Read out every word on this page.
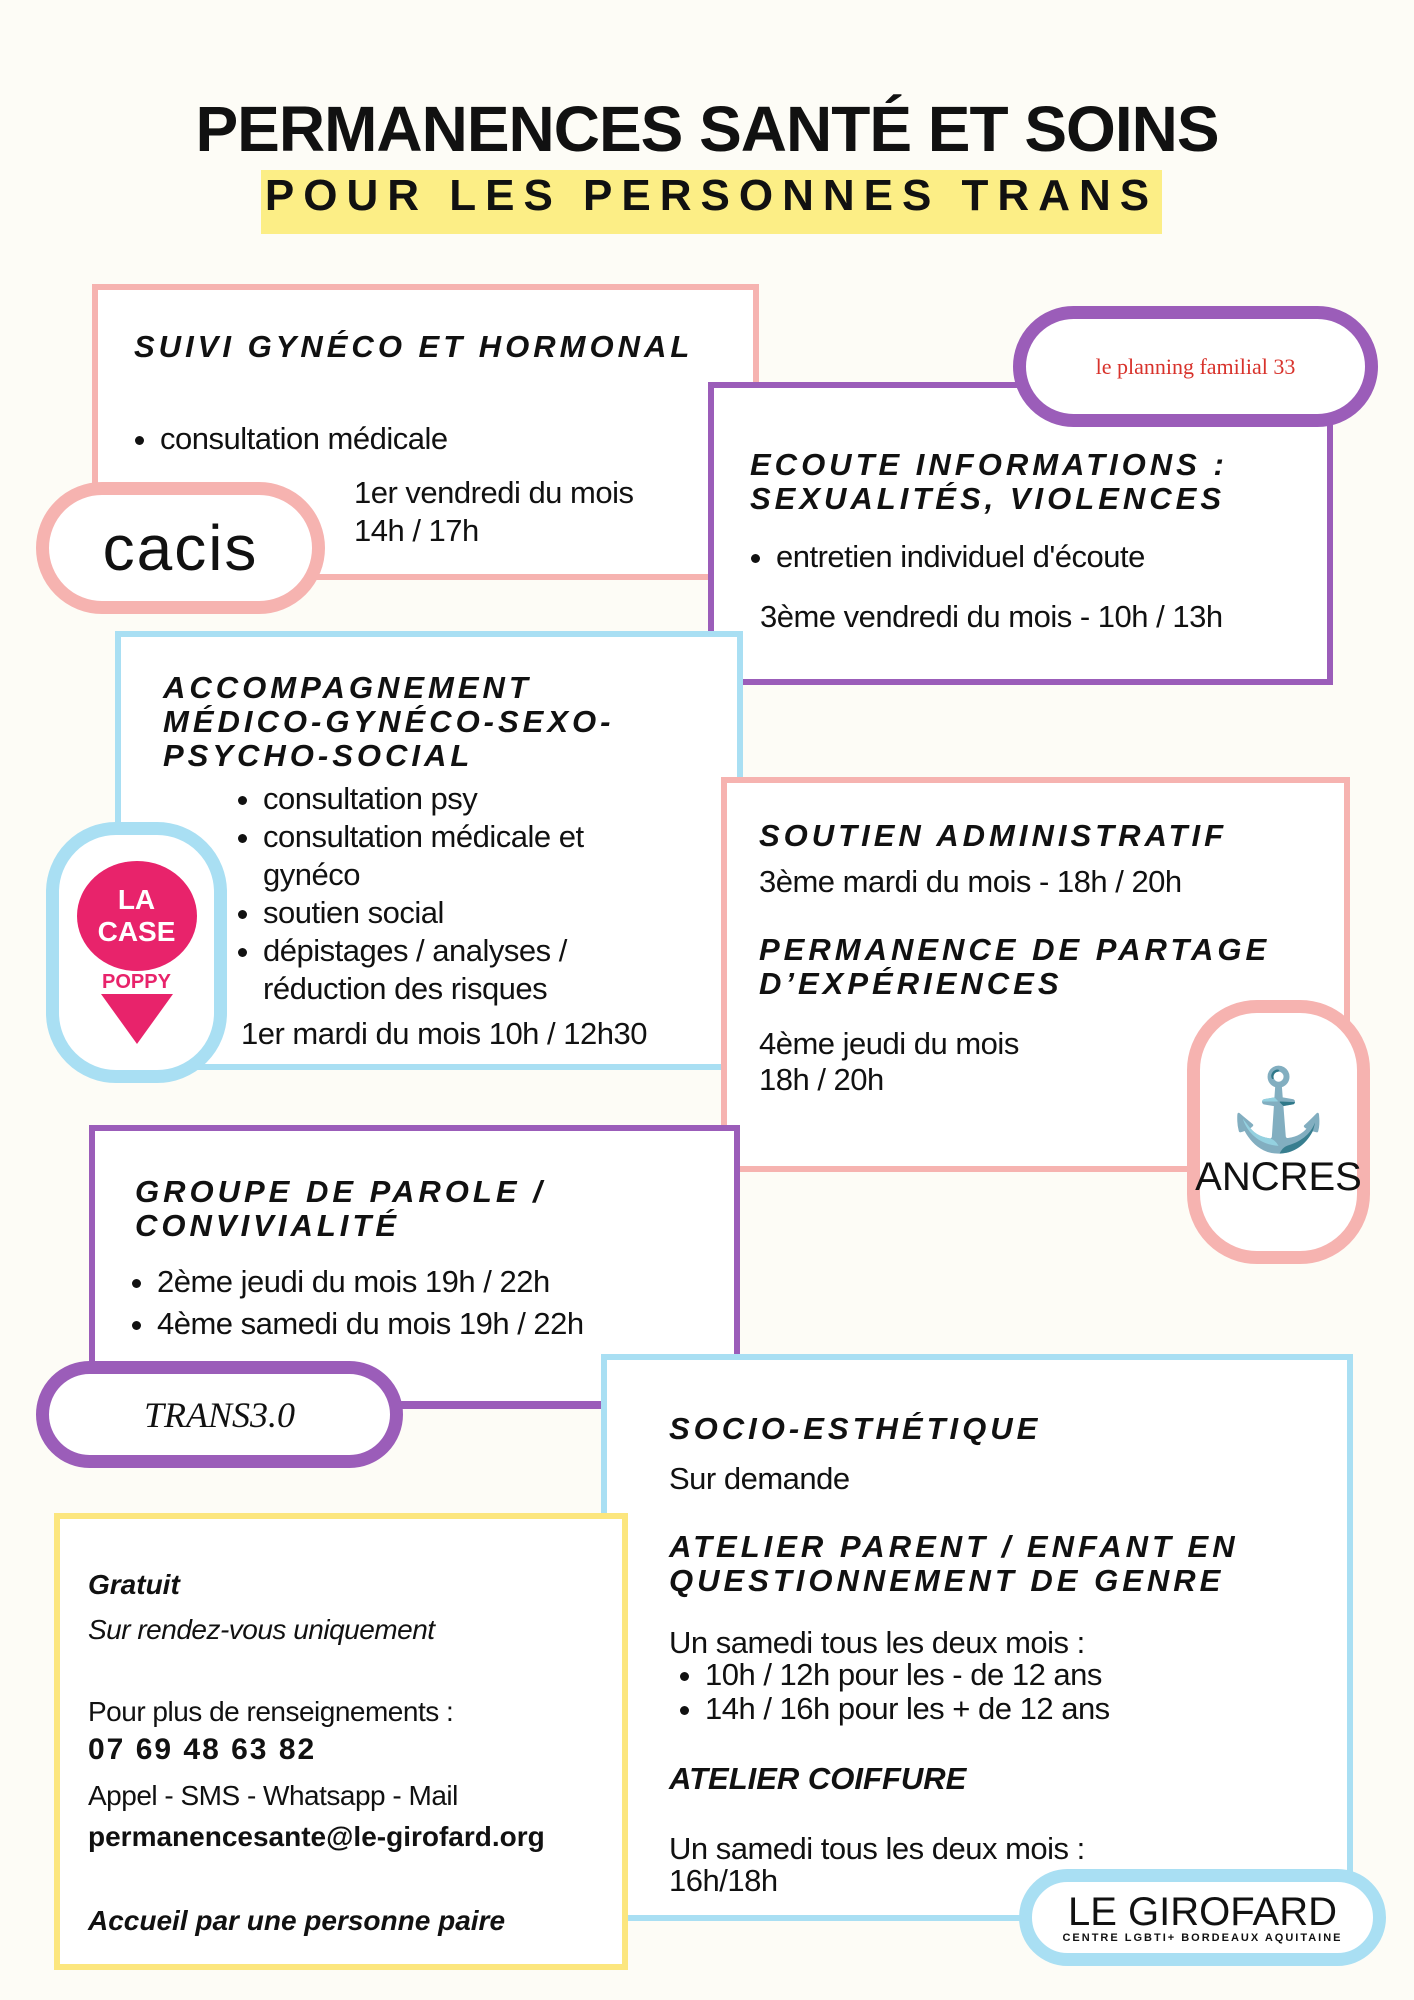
PERMANENCES SANTÉ ET SOINS
POUR LES PERSONNES TRANS
SUIVI GYNÉCO ET HORMONAL
• consultation médicale
1er vendredi du mois
14h / 17h
cacis
ECOUTE INFORMATIONS : SEXUALITÉS, VIOLENCES
• entretien individuel d'écoute
3ème vendredi du mois - 10h / 13h
le planning familial 33
ACCOMPAGNEMENT MÉDICO-GYNÉCO-SEXO-PSYCHO-SOCIAL
• consultation psy
• consultation médicale et gynéco
• soutien social
• dépistages / analyses / réduction des risques
1er mardi du mois 10h / 12h30
LA CASE
POPPY
SOUTIEN ADMINISTRATIF
3ème mardi du mois - 18h / 20h
PERMANENCE DE PARTAGE D’EXPÉRIENCES
4ème jeudi du mois
18h / 20h	⚓
ANCRES
GROUPE DE PAROLE / CONVIVIALITÉ
• 2ème jeudi du mois 19h / 22h
• 4ème samedi du mois 19h / 22h
TRANS3.0	SOCIO-ESTHÉTIQUE
Sur demande
ATELIER PARENT / ENFANT EN QUESTIONNEMENT DE GENRE
Un samedi tous les deux mois :
• 10h / 12h pour les - de 12 ans
• 14h / 16h pour les + de 12 ans
ATELIER COIFFURE
Un samedi tous les deux mois :
16h/18h
LE GIROFARD
CENTRE LGBTI+ BORDEAUX AQUITAINE
Gratuit
Sur rendez-vous uniquement
Pour plus de renseignements :
07 69 48 63 82
Appel - SMS - Whatsapp - Mail
permanencesante@le-girofard.org
Accueil par une personne paire
